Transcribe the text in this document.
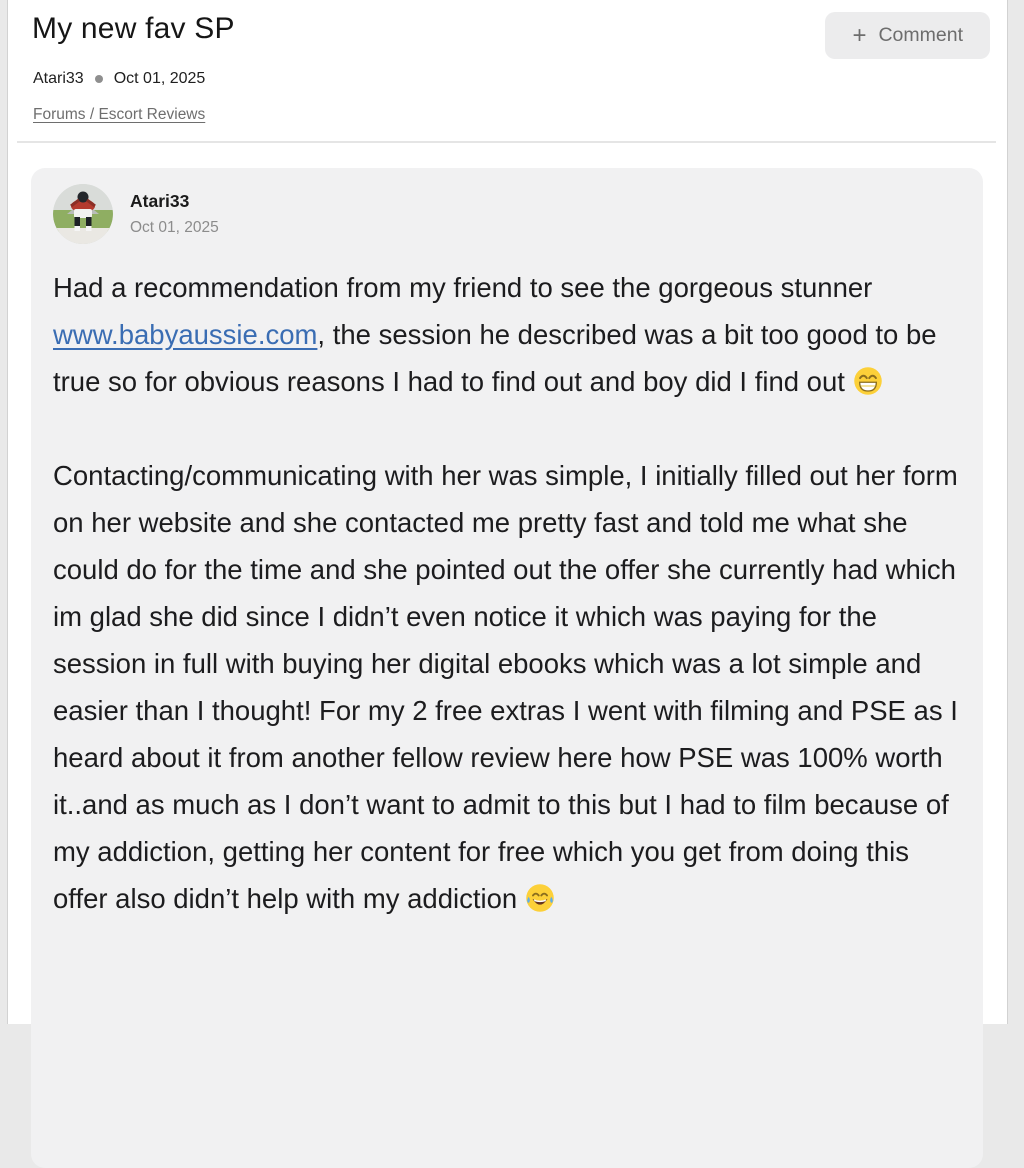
My new fav SP	+ Comment
Atari33 Oct 01, 2025
Forums / Escort Reviews
Atari33
Oct 01, 2025

Had a recommendation from my friend to see the gorgeous stunner www.babyaussie.com, the session he described was a bit too good to be true so for obvious reasons I had to find out and boy did I find out

Contacting/communicating with her was simple, I initially filled out her form on her website and she contacted me pretty fast and told me what she could do for the time and she pointed out the offer she currently had which im glad she did since I didn’t even notice it which was paying for the session in full with buying her digital ebooks which was a lot simple and easier than I thought! For my 2 free extras I went with filming and PSE as I heard about it from another fellow review here how PSE was 100% worth it..and as much as I don’t want to admit to this but I had to film because of my addiction, getting her content for free which you get from doing this offer also didn’t help with my addiction
